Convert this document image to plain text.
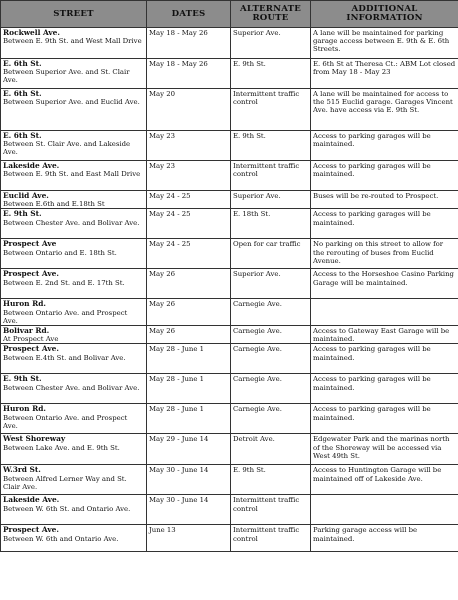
STREET	DATES	ALTERNATE ROUTE	ADDITIONAL INFORMATION

Rockwell Ave.
Between E. 9th St. and West Mall Drive	May 18 - May 26	Superior Ave.	A lane will be maintained for parking garage access between E. 9th & E. 6th Streets.

E. 6th St.
Between Superior Ave. and St. Clair Ave.	May 18 - May 26	E. 9th St.	E. 6th St at Theresa Ct.: ABM Lot closed from May 18 - May 23

E. 6th St.
Between Superior Ave. and Euclid Ave.	May 20	Intermittent traffic control	A lane will be maintained for access to the 515 Euclid garage. Garages Vincent Ave. have access via E. 9th St.

E. 6th St.
Between St. Clair Ave. and Lakeside Ave.	May 23	E. 9th St.	Access to parking garages will be maintained.

Lakeside Ave.
Between E. 9th St. and East Mall Drive	May 23	Intermittent traffic control	Access to parking garages will be maintained.

Euclid Ave.
Between E.6th and E.18th St	May 24 - 25	Superior Ave.	Buses will be re-routed to Prospect.

E. 9th St.
Between Chester Ave. and Bolivar Ave.	May 24 - 25	E. 18th St.	Access to parking garages will be maintained.

Prospect Ave
Between Ontario and E. 18th St.	May 24 - 25	Open for car traffic	No parking on this street to allow for the rerouting of buses from Euclid Avenue.

Prospect Ave.
Between E. 2nd St. and E. 17th St.	May 26	Superior Ave.	Access to the Horseshoe Casino Parking Garage will be maintained.

Huron Rd.
Between Ontario Ave. and Prospect Ave.	May 26	Carnegie Ave.	

Bolivar Rd.
At Prospect Ave	May 26	Carnegie Ave.	Access to Gateway East Garage will be maintained.

Prospect Ave.
Between E.4th St. and Bolivar Ave.	May 28 - June 1	Carnegie Ave.	Access to parking garages will be maintained.

E. 9th St.
Between Chester Ave. and Bolivar Ave.	May 28 - June 1	Carnegie Ave.	Access to parking garages will be maintained.

Huron Rd.
Between Ontario Ave. and Prospect Ave.	May 28 - June 1	Carnegie Ave.	Access to parking garages will be maintained.

West Shoreway
Between Lake Ave. and E. 9th St.	May 29 - June 14	Detroit Ave.	Edgewater Park and the marinas north of the Shoreway will be accessed via West 49th St.

W.3rd St.
Between Alfred Lerner Way and St. Clair Ave.	May 30 - June 14	E. 9th St.	Access to Huntington Garage will be maintained off of Lakeside Ave.

Lakeside Ave.
Between W. 6th St. and Ontario Ave.	May 30 - June 14	Intermittent traffic control	

Prospect Ave.
Between W. 6th and Ontario Ave.	June 13	Intermittent traffic control	Parking garage access will be maintained.
